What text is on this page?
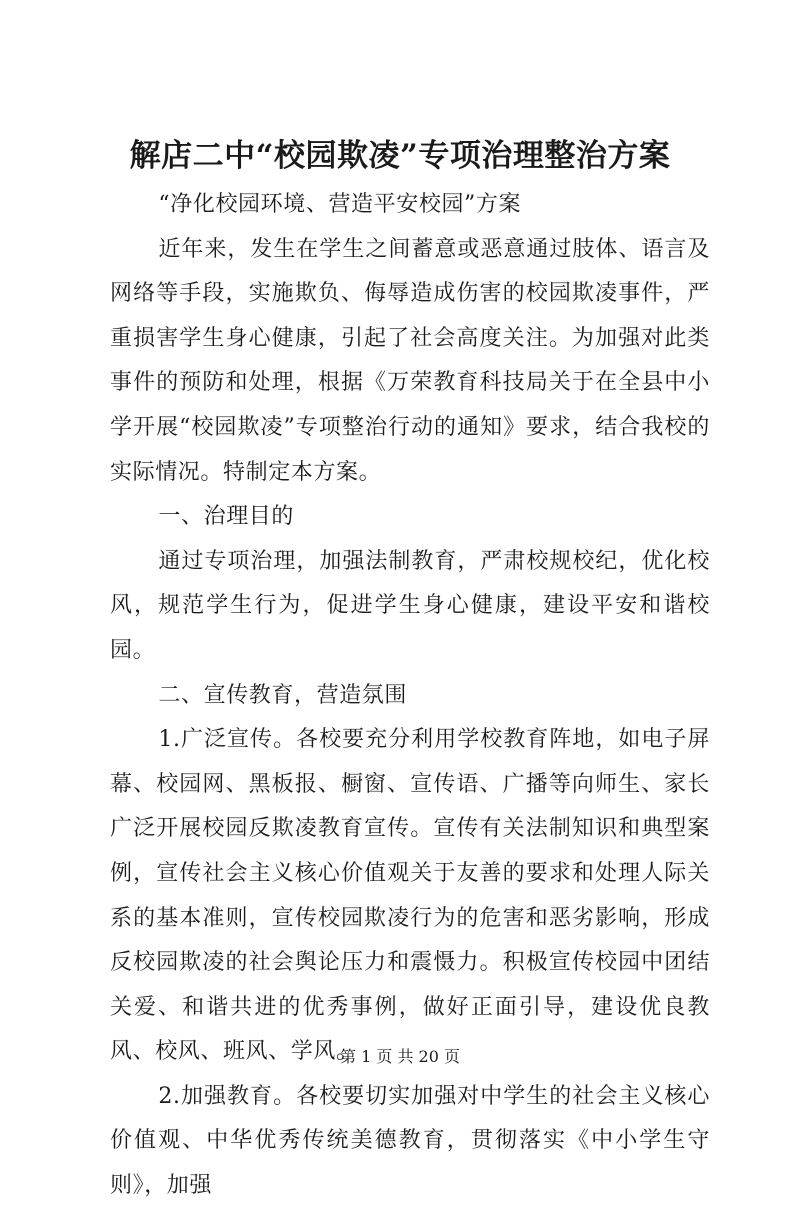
解店二中“校园欺凌”专项治理整治方案

“净化校园环境、营造平安校园”方案

近年来，发生在学生之间蓄意或恶意通过肢体、语言及网络等手段，实施欺负、侮辱造成伤害的校园欺凌事件，严重损害学生身心健康，引起了社会高度关注。为加强对此类事件的预防和处理，根据《万荣教育科技局关于在全县中小学开展“校园欺凌”专项整治行动的通知》要求，结合我校的实际情况。特制定本方案。

一、治理目的

通过专项治理，加强法制教育，严肃校规校纪，优化校风，规范学生行为，促进学生身心健康，建设平安和谐校园。

二、宣传教育，营造氛围

1.广泛宣传。各校要充分利用学校教育阵地，如电子屏幕、校园网、黑板报、橱窗、宣传语、广播等向师生、家长广泛开展校园反欺凌教育宣传。宣传有关法制知识和典型案例，宣传社会主义核心价值观关于友善的要求和处理人际关系的基本准则，宣传校园欺凌行为的危害和恶劣影响，形成反校园欺凌的社会舆论压力和震慑力。积极宣传校园中团结关爱、和谐共进的优秀事例，做好正面引导，建设优良教风、校风、班风、学风。

2.加强教育。各校要切实加强对中学生的社会主义核心价值观、中华优秀传统美德教育，贯彻落实《中小学生守则》，加强

第 1 页 共 20 页
